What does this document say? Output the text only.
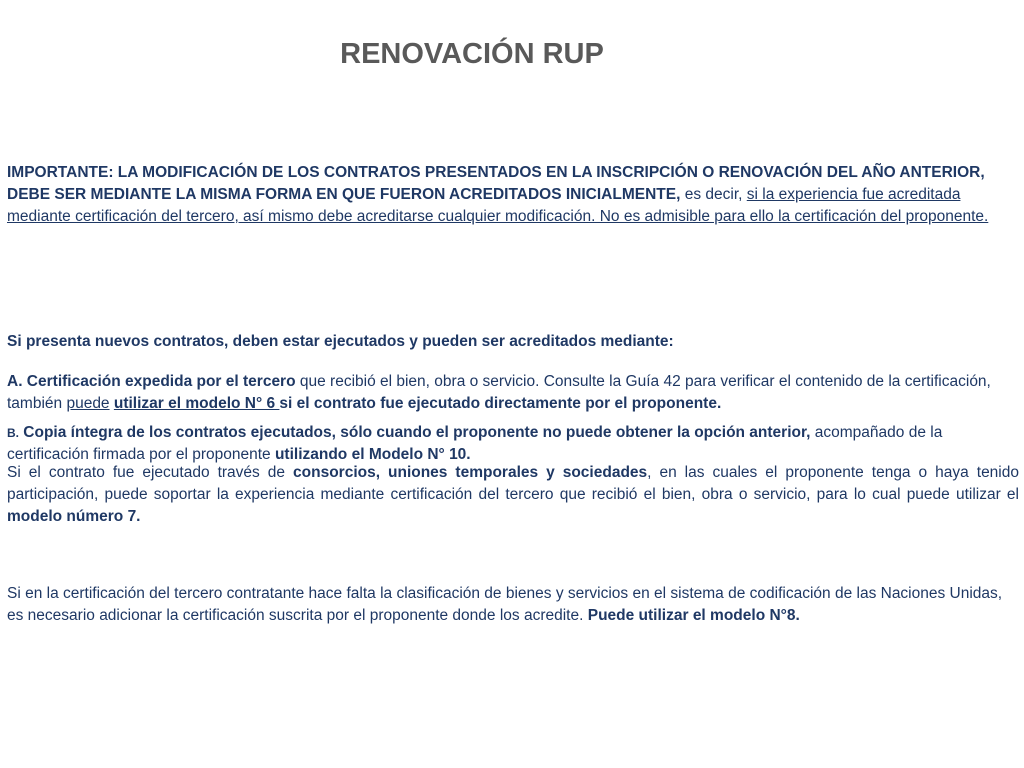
RENOVACIÓN RUP

IMPORTANTE: LA MODIFICACIÓN DE LOS CONTRATOS PRESENTADOS EN LA INSCRIPCIÓN O RENOVACIÓN DEL AÑO ANTERIOR, DEBE SER MEDIANTE LA MISMA FORMA EN QUE FUERON ACREDITADOS INICIALMENTE, es decir, si la experiencia fue acreditada mediante certificación del tercero, así mismo debe acreditarse cualquier modificación. No es admisible para ello la certificación del proponente.

Si presenta nuevos contratos, deben estar ejecutados y pueden ser acreditados mediante:

A. Certificación expedida por el tercero que recibió el bien, obra o servicio. Consulte la Guía 42 para verificar el contenido de la certificación, también puede utilizar el modelo N° 6 si el contrato fue ejecutado directamente por el proponente.

B. Copia íntegra de los contratos ejecutados, sólo cuando el proponente no puede obtener la opción anterior, acompañado de la certificación firmada por el proponente utilizando el Modelo N° 10.

Si el contrato fue ejecutado través de consorcios, uniones temporales y sociedades, en las cuales el proponente tenga o haya tenido participación, puede soportar la experiencia mediante certificación del tercero que recibió el bien, obra o servicio, para lo cual puede utilizar el modelo número 7.

Si en la certificación del tercero contratante hace falta la clasificación de bienes y servicios en el sistema de codificación de las Naciones Unidas, es necesario adicionar la certificación suscrita por el proponente donde los acredite. Puede utilizar el modelo N°8.
